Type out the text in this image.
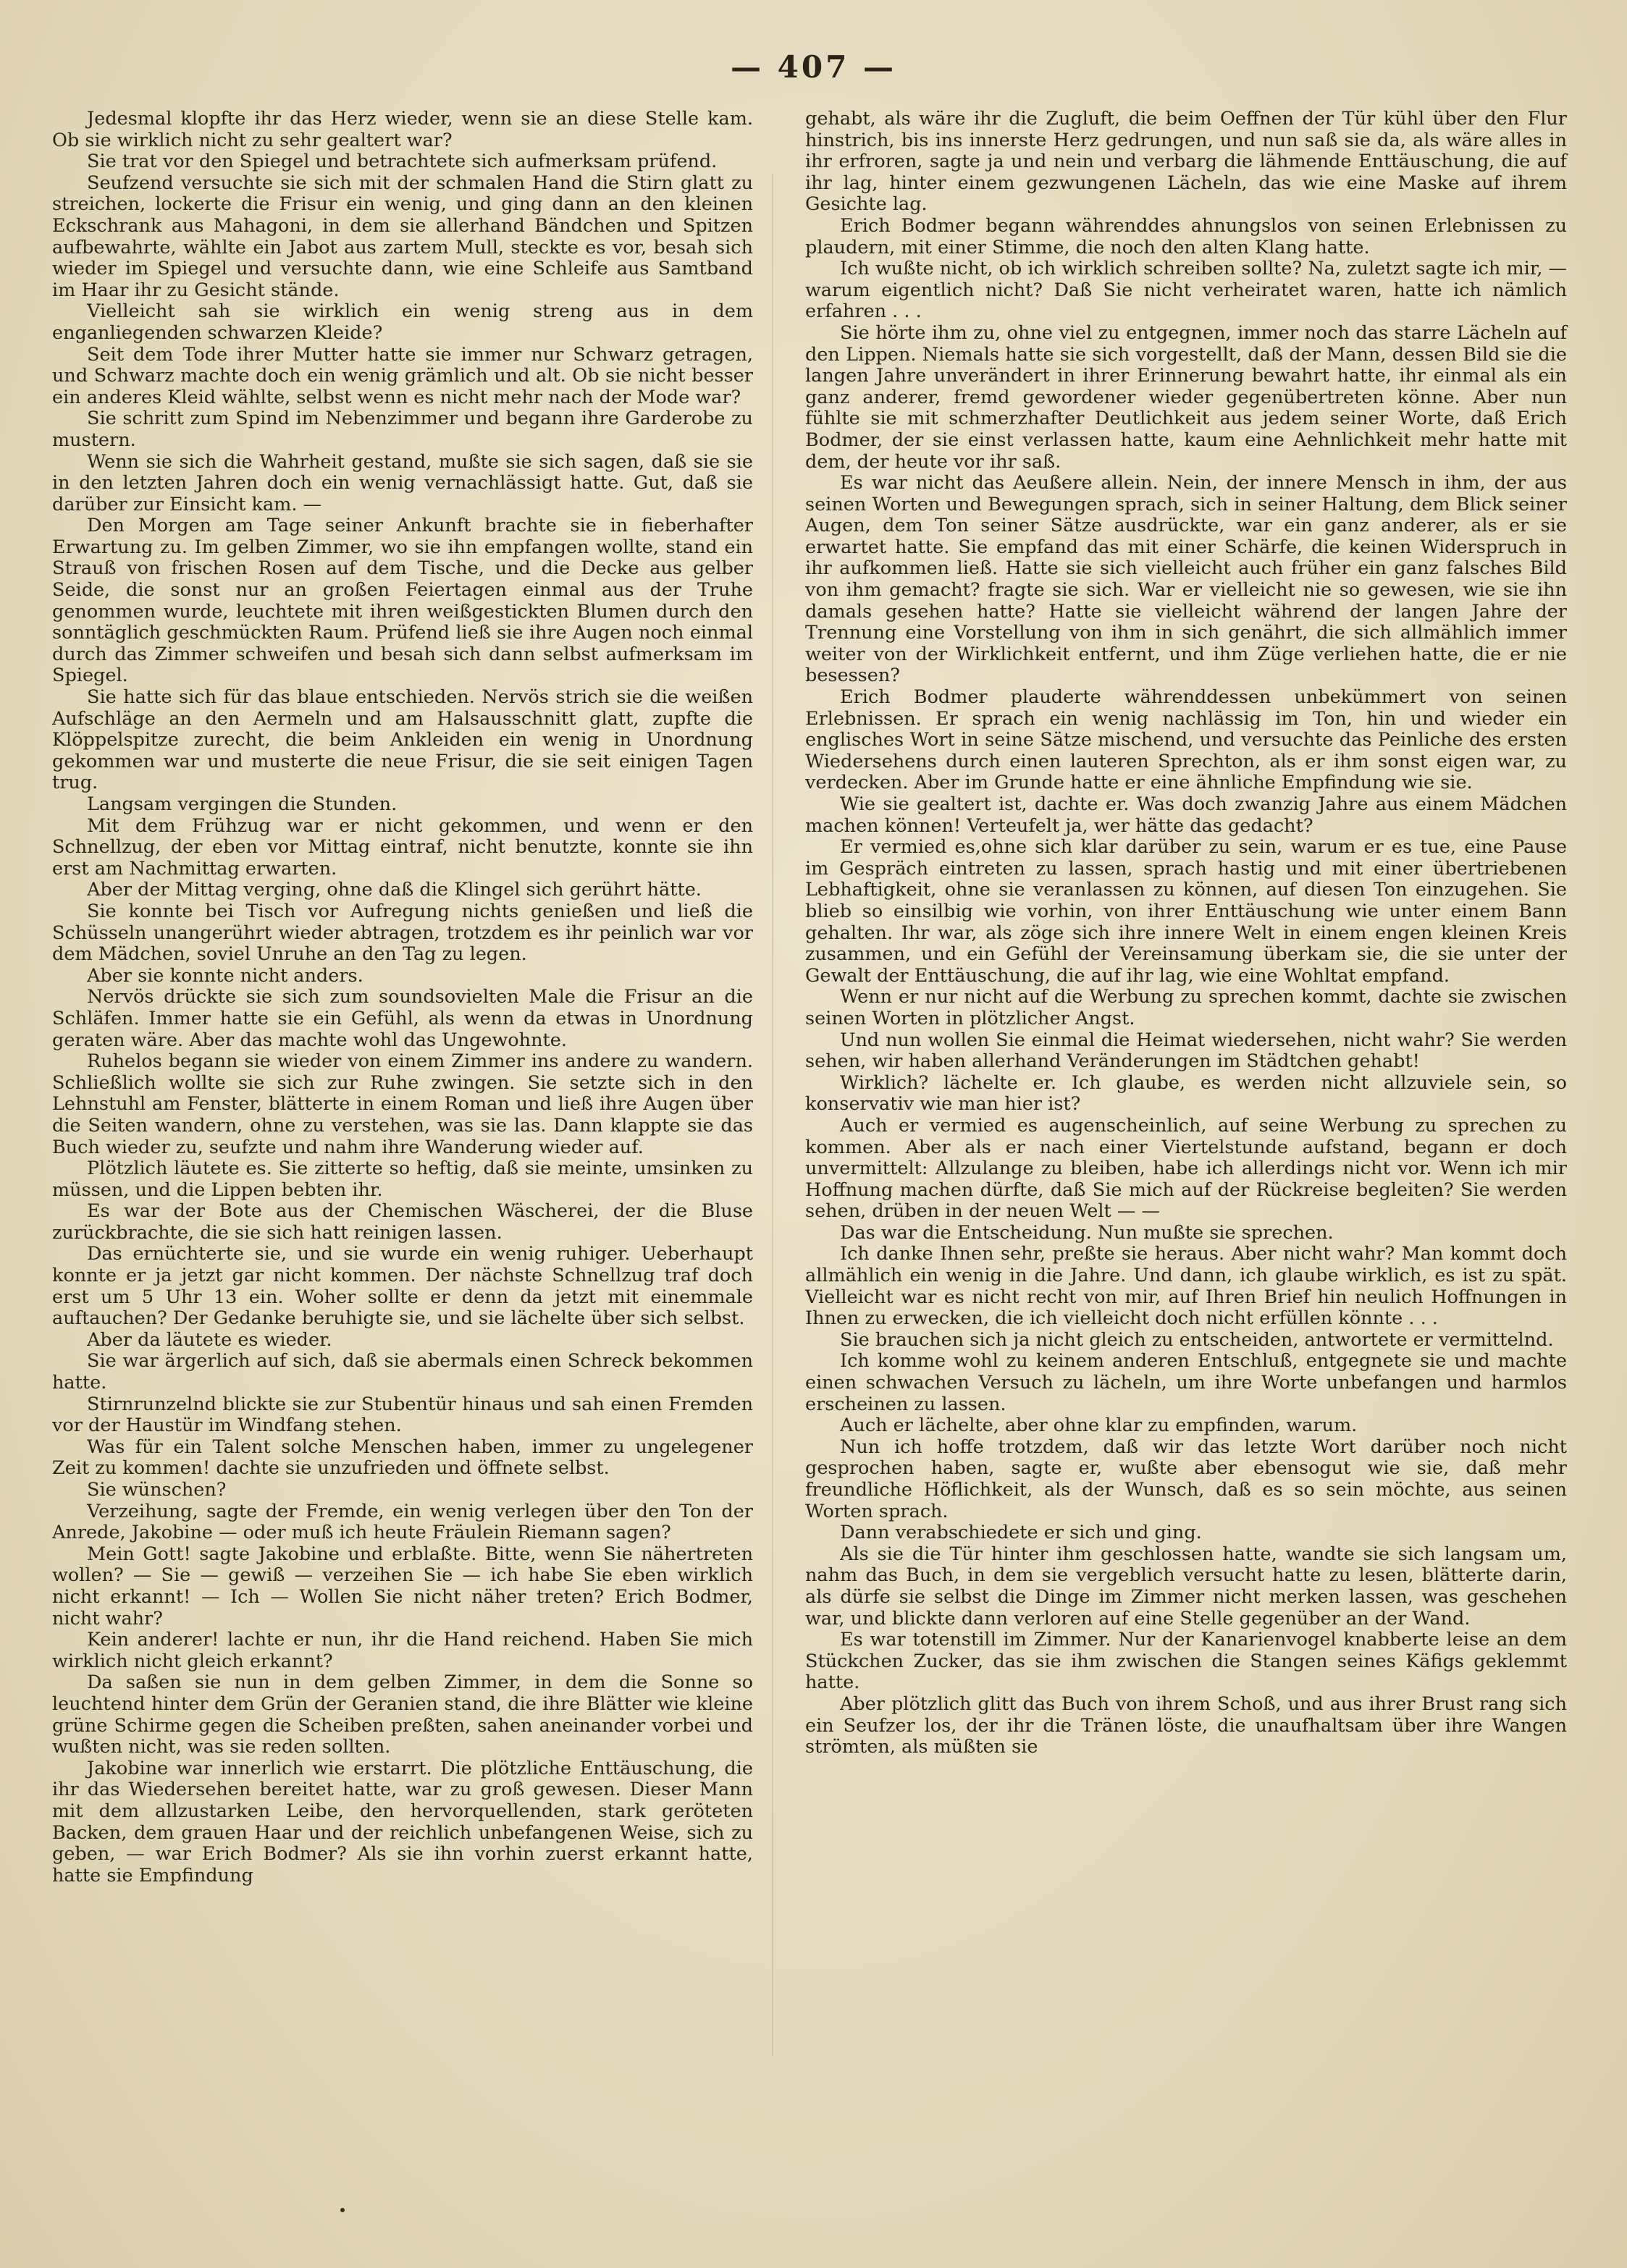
— 407 —

Jedesmal klopfte ihr das Herz wieder, wenn sie an diese Stelle kam. Ob sie wirklich nicht zu sehr gealtert war?

Sie trat vor den Spiegel und betrachtete sich aufmerksam prüfend.

Seufzend versuchte sie sich mit der schmalen Hand die Stirn glatt zu streichen, lockerte die Frisur ein wenig, und ging dann an den kleinen Eckschrank aus Mahagoni, in dem sie allerhand Bändchen und Spitzen aufbewahrte, wählte ein Jabot aus zartem Mull, steckte es vor, besah sich wieder im Spiegel und versuchte dann, wie eine Schleife aus Samtband im Haar ihr zu Gesicht stände.

Vielleicht sah sie wirklich ein wenig streng aus in dem enganliegenden schwarzen Kleide?

Seit dem Tode ihrer Mutter hatte sie immer nur Schwarz getragen, und Schwarz machte doch ein wenig grämlich und alt. Ob sie nicht besser ein anderes Kleid wählte, selbst wenn es nicht mehr nach der Mode war?

Sie schritt zum Spind im Nebenzimmer und begann ihre Garderobe zu mustern.

Wenn sie sich die Wahrheit gestand, mußte sie sich sagen, daß sie sie in den letzten Jahren doch ein wenig vernachlässigt hatte. Gut, daß sie darüber zur Einsicht kam. —

Den Morgen am Tage seiner Ankunft brachte sie in fieberhafter Erwartung zu. Im gelben Zimmer, wo sie ihn empfangen wollte, stand ein Strauß von frischen Rosen auf dem Tische, und die Decke aus gelber Seide, die sonst nur an großen Feiertagen einmal aus der Truhe genommen wurde, leuchtete mit ihren weißgestickten Blumen durch den sonntäglich geschmückten Raum. Prüfend ließ sie ihre Augen noch einmal durch das Zimmer schweifen und besah sich dann selbst aufmerksam im Spiegel.

Sie hatte sich für das blaue entschieden. Nervös strich sie die weißen Aufschläge an den Aermeln und am Halsausschnitt glatt, zupfte die Klöppelspitze zurecht, die beim Ankleiden ein wenig in Unordnung gekommen war und musterte die neue Frisur, die sie seit einigen Tagen trug.

Langsam vergingen die Stunden.

Mit dem Frühzug war er nicht gekommen, und wenn er den Schnellzug, der eben vor Mittag eintraf, nicht benutzte, konnte sie ihn erst am Nachmittag erwarten.

Aber der Mittag verging, ohne daß die Klingel sich gerührt hätte.

Sie konnte bei Tisch vor Aufregung nichts genießen und ließ die Schüsseln unangerührt wieder abtragen, trotzdem es ihr peinlich war vor dem Mädchen, soviel Unruhe an den Tag zu legen.

Aber sie konnte nicht anders.

Nervös drückte sie sich zum soundsovielten Male die Frisur an die Schläfen. Immer hatte sie ein Gefühl, als wenn da etwas in Unordnung geraten wäre. Aber das machte wohl das Ungewohnte.

Ruhelos begann sie wieder von einem Zimmer ins andere zu wandern. Schließlich wollte sie sich zur Ruhe zwingen. Sie setzte sich in den Lehnstuhl am Fenster, blätterte in einem Roman und ließ ihre Augen über die Seiten wandern, ohne zu verstehen, was sie las. Dann klappte sie das Buch wieder zu, seufzte und nahm ihre Wanderung wieder auf.

Plötzlich läutete es. Sie zitterte so heftig, daß sie meinte, umsinken zu müssen, und die Lippen bebten ihr.

Es war der Bote aus der Chemischen Wäscherei, der die Bluse zurückbrachte, die sie sich hatt reinigen lassen.

Das ernüchterte sie, und sie wurde ein wenig ruhiger. Ueberhaupt konnte er ja jetzt gar nicht kommen. Der nächste Schnellzug traf doch erst um 5 Uhr 13 ein. Woher sollte er denn da jetzt mit einemmale auftauchen? Der Gedanke beruhigte sie, und sie lächelte über sich selbst.

Aber da läutete es wieder.

Sie war ärgerlich auf sich, daß sie abermals einen Schreck bekommen hatte.

Stirnrunzelnd blickte sie zur Stubentür hinaus und sah einen Fremden vor der Haustür im Windfang stehen.

Was für ein Talent solche Menschen haben, immer zu ungelegener Zeit zu kommen! dachte sie unzufrieden und öffnete selbst.

Sie wünschen?

Verzeihung, sagte der Fremde, ein wenig verlegen über den Ton der Anrede, Jakobine — oder muß ich heute Fräulein Riemann sagen?

Mein Gott! sagte Jakobine und erblaßte. Bitte, wenn Sie nähertreten wollen? — Sie — gewiß — verzeihen Sie — ich habe Sie eben wirklich nicht erkannt! — Ich — Wollen Sie nicht näher treten? Erich Bodmer, nicht wahr?

Kein anderer! lachte er nun, ihr die Hand reichend. Haben Sie mich wirklich nicht gleich erkannt?

Da saßen sie nun in dem gelben Zimmer, in dem die Sonne so leuchtend hinter dem Grün der Geranien stand, die ihre Blätter wie kleine grüne Schirme gegen die Scheiben preßten, sahen aneinander vorbei und wußten nicht, was sie reden sollten.

Jakobine war innerlich wie erstarrt. Die plötzliche Enttäuschung, die ihr das Wiedersehen bereitet hatte, war zu groß gewesen. Dieser Mann mit dem allzustarken Leibe, den hervorquellenden, stark geröteten Backen, dem grauen Haar und der reichlich unbefangenen Weise, sich zu geben, — war Erich Bodmer? Als sie ihn vorhin zuerst erkannt hatte, hatte sie Empfindung

gehabt, als wäre ihr die Zugluft, die beim Oeffnen der Tür kühl über den Flur hinstrich, bis ins innerste Herz gedrungen, und nun saß sie da, als wäre alles in ihr erfroren, sagte ja und nein und verbarg die lähmende Enttäuschung, die auf ihr lag, hinter einem gezwungenen Lächeln, das wie eine Maske auf ihrem Gesichte lag.

Erich Bodmer begann währenddes ahnungslos von seinen Erlebnissen zu plaudern, mit einer Stimme, die noch den alten Klang hatte.

Ich wußte nicht, ob ich wirklich schreiben sollte? Na, zuletzt sagte ich mir, —warum eigentlich nicht? Daß Sie nicht verheiratet waren, hatte ich nämlich erfahren . . .

Sie hörte ihm zu, ohne viel zu entgegnen, immer noch das starre Lächeln auf den Lippen. Niemals hatte sie sich vorgestellt, daß der Mann, dessen Bild sie die langen Jahre unverändert in ihrer Erinnerung bewahrt hatte, ihr einmal als ein ganz anderer, fremd gewordener wieder gegenübertreten könne. Aber nun fühlte sie mit schmerzhafter Deutlichkeit aus jedem seiner Worte, daß Erich Bodmer, der sie einst verlassen hatte, kaum eine Aehnlichkeit mehr hatte mit dem, der heute vor ihr saß.

Es war nicht das Aeußere allein. Nein, der innere Mensch in ihm, der aus seinen Worten und Bewegungen sprach, sich in seiner Haltung, dem Blick seiner Augen, dem Ton seiner Sätze ausdrückte, war ein ganz anderer, als er sie erwartet hatte. Sie empfand das mit einer Schärfe, die keinen Widerspruch in ihr aufkommen ließ. Hatte sie sich vielleicht auch früher ein ganz falsches Bild von ihm gemacht? fragte sie sich. War er vielleicht nie so gewesen, wie sie ihn damals gesehen hatte? Hatte sie vielleicht während der langen Jahre der Trennung eine Vorstellung von ihm in sich genährt, die sich allmählich immer weiter von der Wirklichkeit entfernt, und ihm Züge verliehen hatte, die er nie besessen?

Erich Bodmer plauderte währenddessen unbekümmert von seinen Erlebnissen. Er sprach ein wenig nachlässig im Ton, hin und wieder ein englisches Wort in seine Sätze mischend, und versuchte das Peinliche des ersten Wiedersehens durch einen lauteren Sprechton, als er ihm sonst eigen war, zu verdecken. Aber im Grunde hatte er eine ähnliche Empfindung wie sie.

Wie sie gealtert ist, dachte er. Was doch zwanzig Jahre aus einem Mädchen machen können! Verteufelt ja, wer hätte das gedacht?

Er vermied es,ohne sich klar darüber zu sein, warum er es tue, eine Pause im Gespräch eintreten zu lassen, sprach hastig und mit einer übertriebenen Lebhaftigkeit, ohne sie veranlassen zu können, auf diesen Ton einzugehen. Sie blieb so einsilbig wie vorhin, von ihrer Enttäuschung wie unter einem Bann gehalten. Ihr war, als zöge sich ihre innere Welt in einem engen kleinen Kreis zusammen, und ein Gefühl der Vereinsamung überkam sie, die sie unter der Gewalt der Enttäuschung, die auf ihr lag, wie eine Wohltat empfand.

Wenn er nur nicht auf die Werbung zu sprechen kommt, dachte sie zwischen seinen Worten in plötzlicher Angst.

Und nun wollen Sie einmal die Heimat wiedersehen, nicht wahr? Sie werden sehen, wir haben allerhand Veränderungen im Städtchen gehabt!

Wirklich? lächelte er. Ich glaube, es werden nicht allzuviele sein, so konservativ wie man hier ist?

Auch er vermied es augenscheinlich, auf seine Werbung zu sprechen zu kommen. Aber als er nach einer Viertelstunde aufstand, begann er doch unvermittelt: Allzulange zu bleiben, habe ich allerdings nicht vor. Wenn ich mir Hoffnung machen dürfte, daß Sie mich auf der Rückreise begleiten? Sie werden sehen, drüben in der neuen Welt — —

Das war die Entscheidung. Nun mußte sie sprechen.

Ich danke Ihnen sehr, preßte sie heraus. Aber nicht wahr? Man kommt doch allmählich ein wenig in die Jahre. Und dann, ich glaube wirklich, es ist zu spät. Vielleicht war es nicht recht von mir, auf Ihren Brief hin neulich Hoffnungen in Ihnen zu erwecken, die ich vielleicht doch nicht erfüllen könnte . . .

Sie brauchen sich ja nicht gleich zu entscheiden, antwortete er vermittelnd.

Ich komme wohl zu keinem anderen Entschluß, entgegnete sie und machte einen schwachen Versuch zu lächeln, um ihre Worte unbefangen und harmlos erscheinen zu lassen.

Auch er lächelte, aber ohne klar zu empfinden, warum.

Nun ich hoffe trotzdem, daß wir das letzte Wort darüber noch nicht gesprochen haben, sagte er, wußte aber ebensogut wie sie, daß mehr freundliche Höflichkeit, als der Wunsch, daß es so sein möchte, aus seinen Worten sprach.

Dann verabschiedete er sich und ging.

Als sie die Tür hinter ihm geschlossen hatte, wandte sie sich langsam um, nahm das Buch, in dem sie vergeblich versucht hatte zu lesen, blätterte darin, als dürfe sie selbst die Dinge im Zimmer nicht merken lassen, was geschehen war, und blickte dann verloren auf eine Stelle gegenüber an der Wand.

Es war totenstill im Zimmer. Nur der Kanarienvogel knabberte leise an dem Stückchen Zucker, das sie ihm zwischen die Stangen seines Käfigs geklemmt hatte.

Aber plötzlich glitt das Buch von ihrem Schoß, und aus ihrer Brust rang sich ein Seufzer los, der ihr die Tränen löste, die unaufhaltsam über ihre Wangen strömten, als müßten sie
